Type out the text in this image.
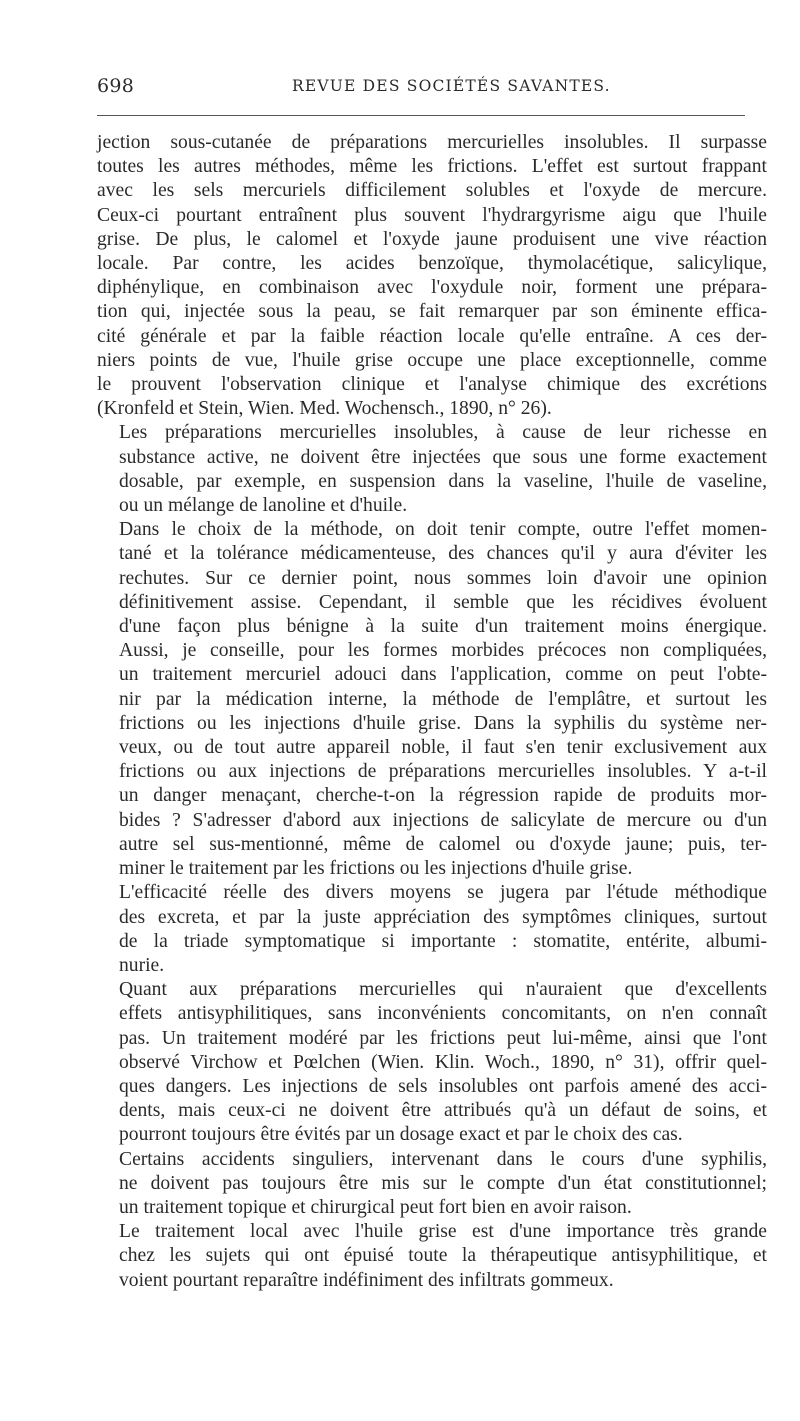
698	REVUE DES SOCIÉTÉS SAVANTES.

jection sous-cutanée de préparations mercurielles insolubles. Il surpasse
toutes les autres méthodes, même les frictions. L'effet est surtout frappant
avec les sels mercuriels difficilement solubles et l'oxyde de mercure.
Ceux-ci pourtant entraînent plus souvent l'hydrargyrisme aigu que l'huile
grise. De plus, le calomel et l'oxyde jaune produisent une vive réaction
locale. Par contre, les acides benzoïque, thymolacétique, salicylique,
diphénylique, en combinaison avec l'oxydule noir, forment une prépara-
tion qui, injectée sous la peau, se fait remarquer par son éminente effica-
cité générale et par la faible réaction locale qu'elle entraîne. A ces der-
niers points de vue, l'huile grise occupe une place exceptionnelle, comme
le prouvent l'observation clinique et l'analyse chimique des excrétions
(Kronfeld et Stein, Wien. Med. Wochensch., 1890, n° 26).

Les préparations mercurielles insolubles, à cause de leur richesse en
substance active, ne doivent être injectées que sous une forme exactement
dosable, par exemple, en suspension dans la vaseline, l'huile de vaseline,
ou un mélange de lanoline et d'huile.

Dans le choix de la méthode, on doit tenir compte, outre l'effet momen-
tané et la tolérance médicamenteuse, des chances qu'il y aura d'éviter les
rechutes. Sur ce dernier point, nous sommes loin d'avoir une opinion
définitivement assise. Cependant, il semble que les récidives évoluent
d'une façon plus bénigne à la suite d'un traitement moins énergique.
Aussi, je conseille, pour les formes morbides précoces non compliquées,
un traitement mercuriel adouci dans l'application, comme on peut l'obte-
nir par la médication interne, la méthode de l'emplâtre, et surtout les
frictions ou les injections d'huile grise. Dans la syphilis du système ner-
veux, ou de tout autre appareil noble, il faut s'en tenir exclusivement aux
frictions ou aux injections de préparations mercurielles insolubles. Y a-t-il
un danger menaçant, cherche-t-on la régression rapide de produits mor-
bides ? S'adresser d'abord aux injections de salicylate de mercure ou d'un
autre sel sus-mentionné, même de calomel ou d'oxyde jaune; puis, ter-
miner le traitement par les frictions ou les injections d'huile grise.

L'efficacité réelle des divers moyens se jugera par l'étude méthodique
des excreta, et par la juste appréciation des symptômes cliniques, surtout
de la triade symptomatique si importante : stomatite, entérite, albumi-
nurie.

Quant aux préparations mercurielles qui n'auraient que d'excellents
effets antisyphilitiques, sans inconvénients concomitants, on n'en connaît
pas. Un traitement modéré par les frictions peut lui-même, ainsi que l'ont
observé Virchow et Pœlchen (Wien. Klin. Woch., 1890, n° 31), offrir quel-
ques dangers. Les injections de sels insolubles ont parfois amené des acci-
dents, mais ceux-ci ne doivent être attribués qu'à un défaut de soins, et
pourront toujours être évités par un dosage exact et par le choix des cas.

Certains accidents singuliers, intervenant dans le cours d'une syphilis,
ne doivent pas toujours être mis sur le compte d'un état constitutionnel;
un traitement topique et chirurgical peut fort bien en avoir raison.

Le traitement local avec l'huile grise est d'une importance très grande
chez les sujets qui ont épuisé toute la thérapeutique antisyphilitique, et
voient pourtant reparaître indéfiniment des infiltrats gommeux.
